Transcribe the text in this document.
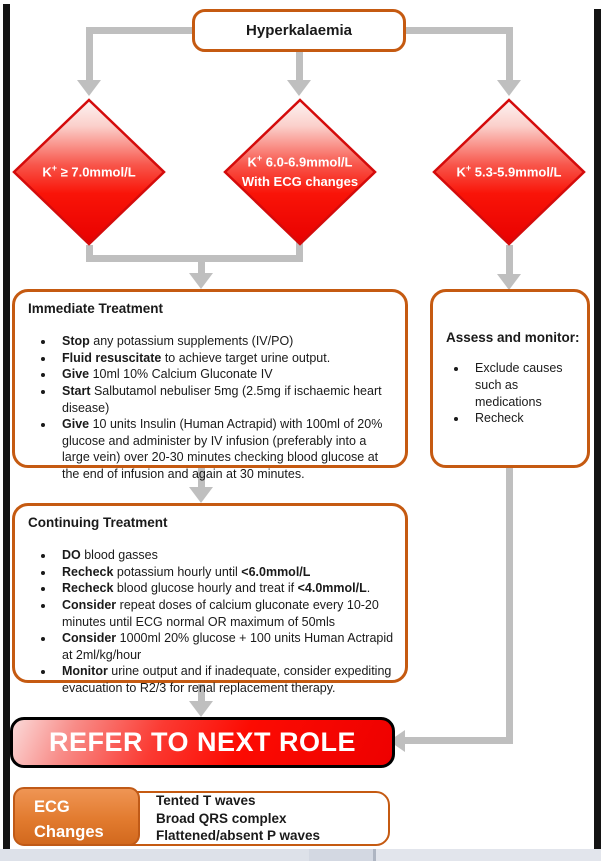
Hyperkalaemia
K+ ≥ 7.0mmol/L
K+ 6.0-6.9mmol/L
With ECG changes
K+ 5.3-5.9mmol/L
Immediate Treatment
• Stop any potassium supplements (IV/PO)
• Fluid resuscitate to achieve target urine output.
• Give 10ml 10% Calcium Gluconate IV
• Start Salbutamol nebuliser 5mg (2.5mg if ischaemic heart disease)
• Give 10 units Insulin (Human Actrapid) with 100ml of 20% glucose and administer by IV infusion (preferably into a large vein) over 20-30 minutes checking blood glucose at the end of infusion and again at 30 minutes.
Assess and monitor:
• Exclude causes such as medications
• Recheck
Continuing Treatment
• DO blood gasses
• Recheck potassium hourly until <6.0mmol/L
• Recheck blood glucose hourly and treat if <4.0mmol/L.
• Consider repeat doses of calcium gluconate every 10-20 minutes until ECG normal OR maximum of 50mls
• Consider 1000ml 20% glucose + 100 units Human Actrapid at 2ml/kg/hour
• Monitor urine output and if inadequate, consider expediting evacuation to R2/3 for renal replacement therapy.
REFER TO NEXT ROLE
Tented T waves
Broad QRS complex
Flattened/absent P waves
ECG
Changes
